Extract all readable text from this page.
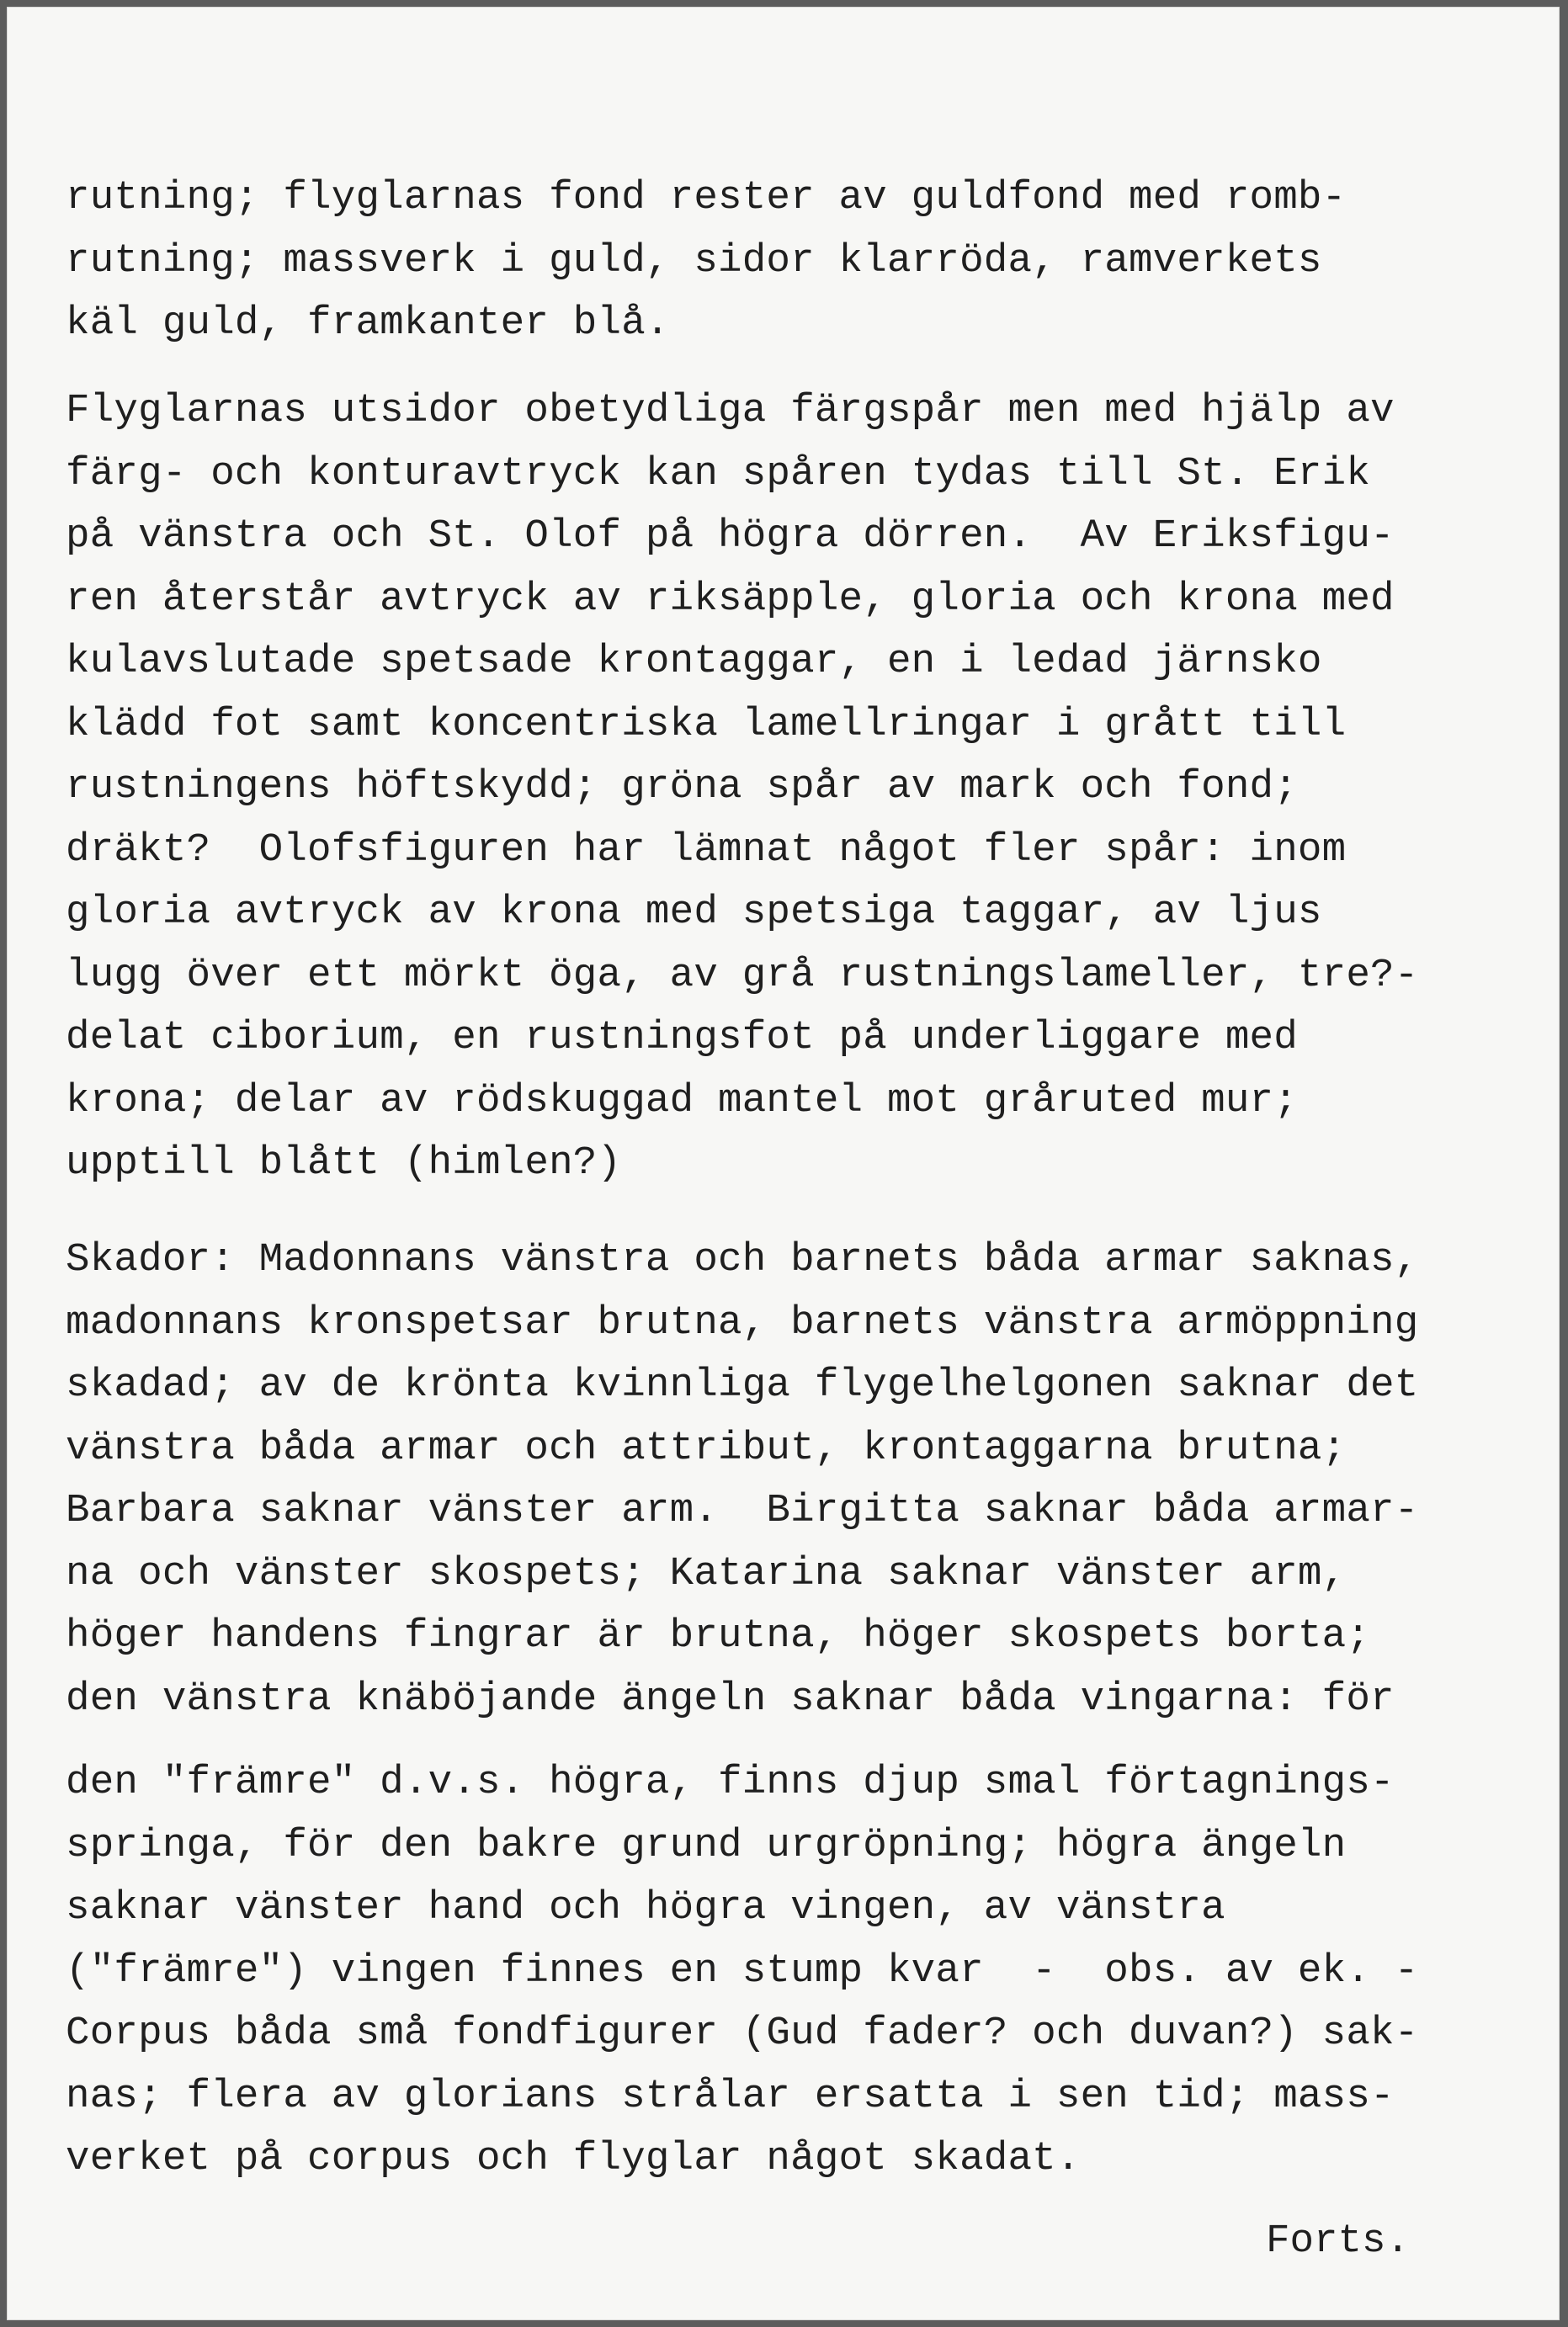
rutning; flyglarnas fond rester av guldfond med romb-
rutning; massverk i guld, sidor klarröda, ramverkets
käl guld, framkanter blå.
Flyglarnas utsidor obetydliga färgspår men med hjälp av
färg- och konturavtryck kan spåren tydas till St. Erik
på vänstra och St. Olof på högra dörren.  Av Eriksfigu-
ren återstår avtryck av riksäpple, gloria och krona med
kulavslutade spetsade krontaggar, en i ledad järnsko
klädd fot samt koncentriska lamellringar i grått till
rustningens höftskydd; gröna spår av mark och fond;
dräkt?  Olofsfiguren har lämnat något fler spår: inom
gloria avtryck av krona med spetsiga taggar, av ljus
lugg över ett mörkt öga, av grå rustningslameller, tre?-
delat ciborium, en rustningsfot på underliggare med
krona; delar av rödskuggad mantel mot gråruted mur;
upptill blått (himlen?)
Skador: Madonnans vänstra och barnets båda armar saknas,
madonnans kronspetsar brutna, barnets vänstra armöppning
skadad; av de krönta kvinnliga flygelhelgonen saknar det
vänstra båda armar och attribut, krontaggarna brutna;
Barbara saknar vänster arm.  Birgitta saknar båda armar-
na och vänster skospets; Katarina saknar vänster arm,
höger handens fingrar är brutna, höger skospets borta;
den vänstra knäböjande ängeln saknar båda vingarna: för
den "främre" d.v.s. högra, finns djup smal förtagnings-
springa, för den bakre grund urgröpning; högra ängeln
saknar vänster hand och högra vingen, av vänstra
("främre") vingen finnes en stump kvar  -  obs. av ek. -
Corpus båda små fondfigurer (Gud fader? och duvan?) sak-
nas; flera av glorians strålar ersatta i sen tid; mass-
verket på corpus och flyglar något skadat.
Forts.
